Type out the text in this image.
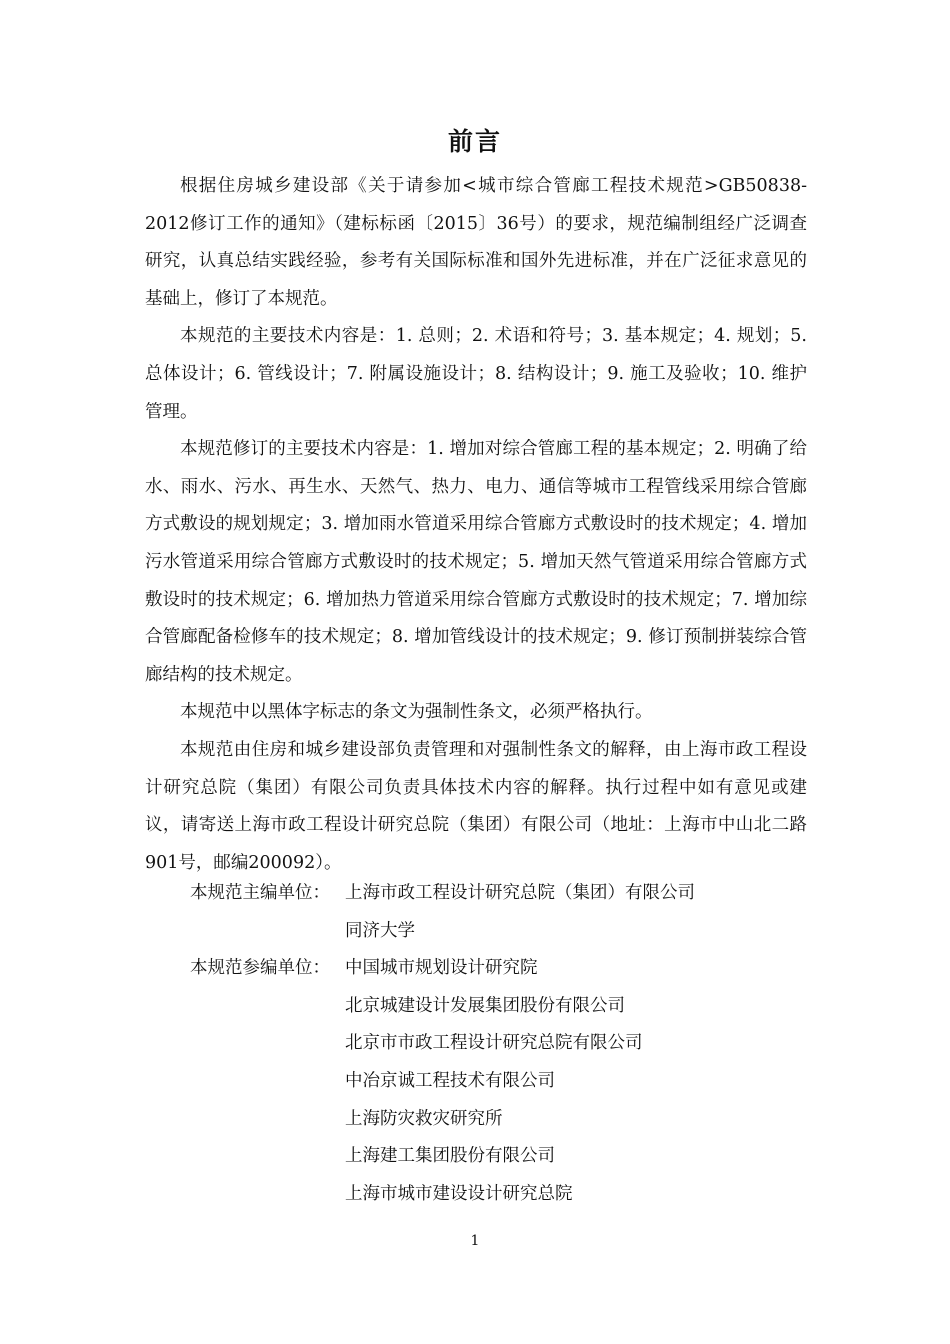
前言

根据住房城乡建设部《关于请参加<城市综合管廊工程技术规范>GB50838-2012修订工作的通知》（建标标函〔2015〕36号）的要求，规范编制组经广泛调查研究，认真总结实践经验，参考有关国际标准和国外先进标准，并在广泛征求意见的基础上，修订了本规范。

本规范的主要技术内容是：1. 总则；2. 术语和符号；3. 基本规定；4. 规划；5. 总体设计；6. 管线设计；7. 附属设施设计；8. 结构设计；9. 施工及验收；10. 维护管理。

本规范修订的主要技术内容是：1. 增加对综合管廊工程的基本规定；2. 明确了给水、雨水、污水、再生水、天然气、热力、电力、通信等城市工程管线采用综合管廊方式敷设的规划规定；3. 增加雨水管道采用综合管廊方式敷设时的技术规定；4. 增加污水管道采用综合管廊方式敷设时的技术规定；5. 增加天然气管道采用综合管廊方式敷设时的技术规定；6. 增加热力管道采用综合管廊方式敷设时的技术规定；7. 增加综合管廊配备检修车的技术规定；8. 增加管线设计的技术规定；9. 修订预制拼装综合管廊结构的技术规定。

本规范中以黑体字标志的条文为强制性条文，必须严格执行。

本规范由住房和城乡建设部负责管理和对强制性条文的解释，由上海市政工程设计研究总院（集团）有限公司负责具体技术内容的解释。执行过程中如有意见或建议，请寄送上海市政工程设计研究总院（集团）有限公司（地址：上海市中山北二路901号，邮编200092）。

本规范主编单位： 上海市政工程设计研究总院（集团）有限公司
同济大学
本规范参编单位： 中国城市规划设计研究院
北京城建设计发展集团股份有限公司
北京市市政工程设计研究总院有限公司
中冶京诚工程技术有限公司
上海防灾救灾研究所
上海建工集团股份有限公司
上海市城市建设设计研究总院
1
